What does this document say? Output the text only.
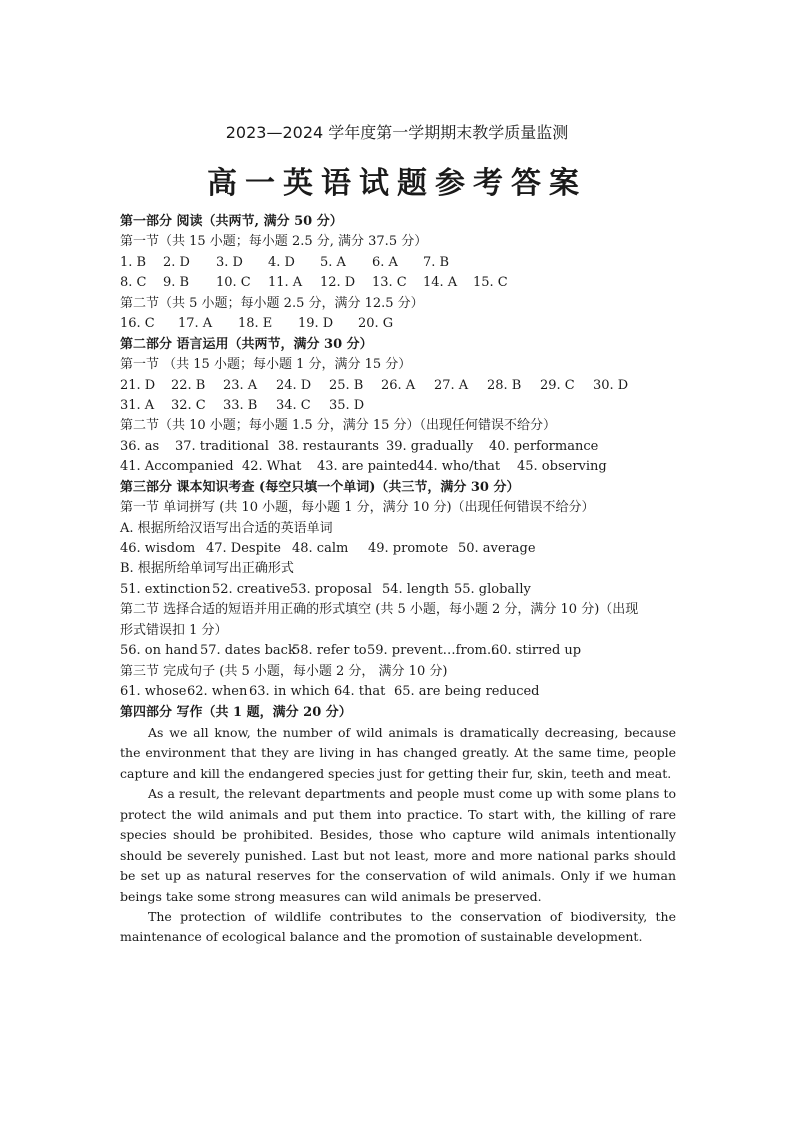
2023—2024 学年度第一学期期末教学质量监测
高一英语试题参考答案
第一部分 阅读（共两节, 满分 50 分）
第一节（共 15 小题；每小题 2.5 分, 满分 37.5 分）
1. B 2. D 3. D 4. D 5. A 6. A 7. B
8. C 9. B 10. C 11. A 12. D 13. C 14. A 15. C
第二节（共 5 小题；每小题 2.5 分，满分 12.5 分）
16. C 17. A 18. E 19. D 20. G
第二部分 语言运用（共两节，满分 30 分）
第一节 （共 15 小题；每小题 1 分，满分 15 分）
21. D 22. B 23. A 24. D 25. B 26. A 27. A 28. B 29. C 30. D
31. A 32. C 33. B 34. C 35. D
第二节（共 10 小题；每小题 1.5 分，满分 15 分）（出现任何错误不给分）
36. as 37. traditional 38. restaurants 39. gradually 40. performance
41. Accompanied 42. What 43. are painted44. who/that 45. observing
第三部分 课本知识考查 (每空只填一个单词)（共三节，满分 30 分）
第一节 单词拼写 (共 10 小题，每小题 1 分，满分 10 分)（出现任何错误不给分）
A. 根据所给汉语写出合适的英语单词
46. wisdom 47. Despite 48. calm 49. promote 50. average
B. 根据所给单词写出正确形式
51. extinction 52. creative53. proposal 54. length 55. globally
第二节 选择合适的短语并用正确的形式填空 (共 5 小题，每小题 2 分，满分 10 分)（出现
形式错误扣 1 分）
56. on hand 57. dates back58. refer to59. prevent…from…60. stirred up
第三节 完成句子 (共 5 小题，每小题 2 分， 满分 10 分)
61. whose62. when 63. in which 64. that 65. are being reduced
第四部分 写作（共 1 题，满分 20 分）

As we all know, the number of wild animals is dramatically decreasing, because the environment that they are living in has changed greatly. At the same time, people capture and kill the endangered species just for getting their fur, skin, teeth and meat.

As a result, the relevant departments and people must come up with some plans to protect the wild animals and put them into practice. To start with, the killing of rare species should be prohibited. Besides, those who capture wild animals intentionally should be severely punished. Last but not least, more and more national parks should be set up as natural reserves for the conservation of wild animals. Only if we human beings take some strong measures can wild animals be preserved.

The protection of wildlife contributes to the conservation of biodiversity, the maintenance of ecological balance and the promotion of sustainable development.
